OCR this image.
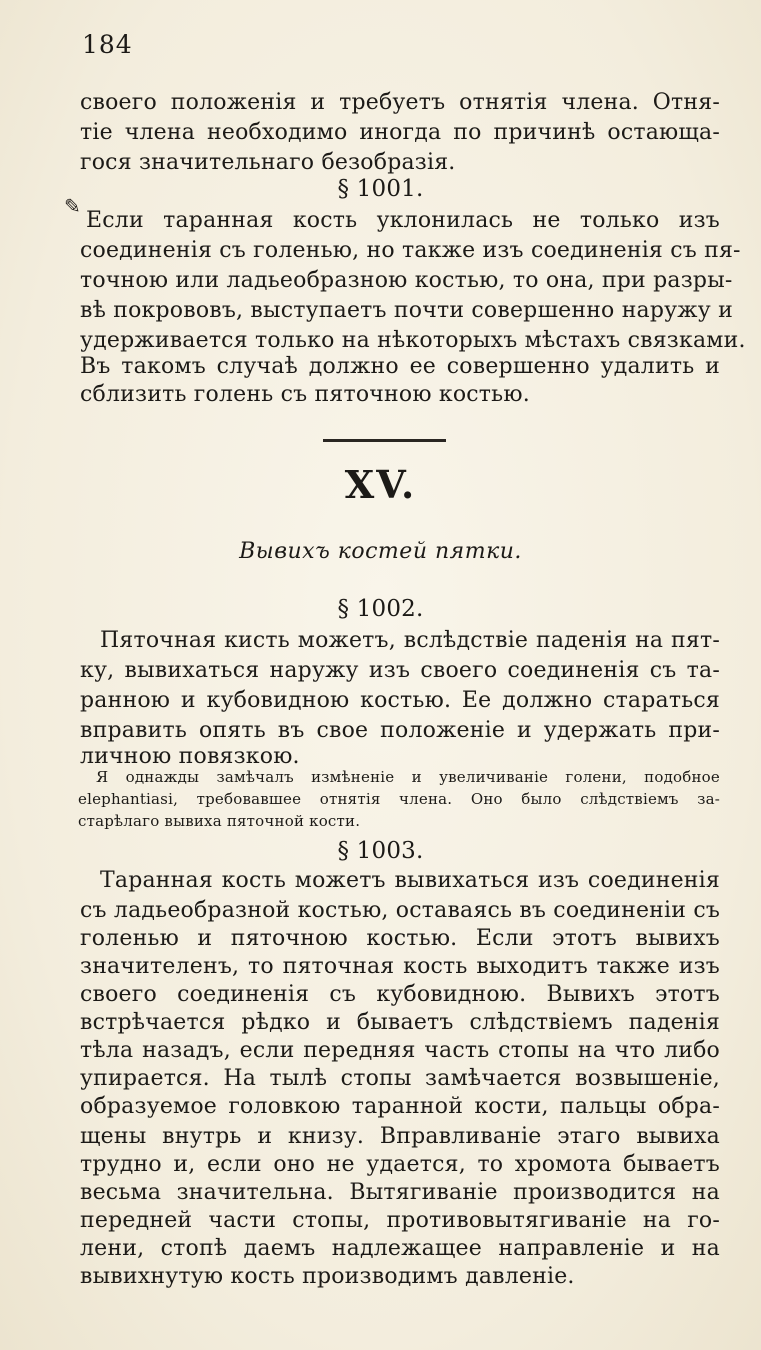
184
своего положенія и требуетъ отнятія члена. Отня-
тіе члена необходимо иногда по причинѣ остающа-
гося значительнаго безобразія.
✎
§ 1001.
Если таранная кость уклонилась не только изъ
соединенія съ голенью, но также изъ соединенія съ пя-
точною или ладьеобразною костью, то она, при разры-
вѣ покрововъ, выступаетъ почти совершенно наружу и
удерживается только на нѣкоторыхъ мѣстахъ связками.
Въ такомъ случаѣ должно ее совершенно удалить и
сблизить голень съ пяточною костью.
XV.
Вывихъ костей пятки.
§ 1002.
Пяточная кисть можетъ, вслѣдствіе паденія на пят-
ку, вывихаться наружу изъ своего соединенія съ та-
ранною и кубовидною костью. Ее должно стараться
вправить опять въ свое положеніе и удержать при-
личною повязкою.
Я однажды замѣчалъ измѣненіе и увеличиваніе голени, подобное
elephantiasi, требовавшее отнятія члена. Оно было слѣдствіемъ за-
старѣлаго вывиха пяточной кости.
§ 1003.
Таранная кость можетъ вывихаться изъ соединенія
съ ладьеобразной костью, оставаясь въ соединеніи съ
голенью и пяточною костью. Если этотъ вывихъ
значителенъ, то пяточная кость выходитъ также изъ
своего соединенія съ кубовидною. Вывихъ этотъ
встрѣчается рѣдко и бываетъ слѣдствіемъ паденія
тѣла назадъ, если передняя часть стопы на что либо
упирается. На тылѣ стопы замѣчается возвышеніе,
образуемое головкою таранной кости, пальцы обра-
щены внутрь и книзу. Вправливаніе этаго вывиха
трудно и, если оно не удается, то хромота бываетъ
весьма значительна. Вытягиваніе производится на
передней части стопы, противовытягиваніе на го-
лени, стопѣ даемъ надлежащее направленіе и на
вывихнутую кость производимъ давленіе.
